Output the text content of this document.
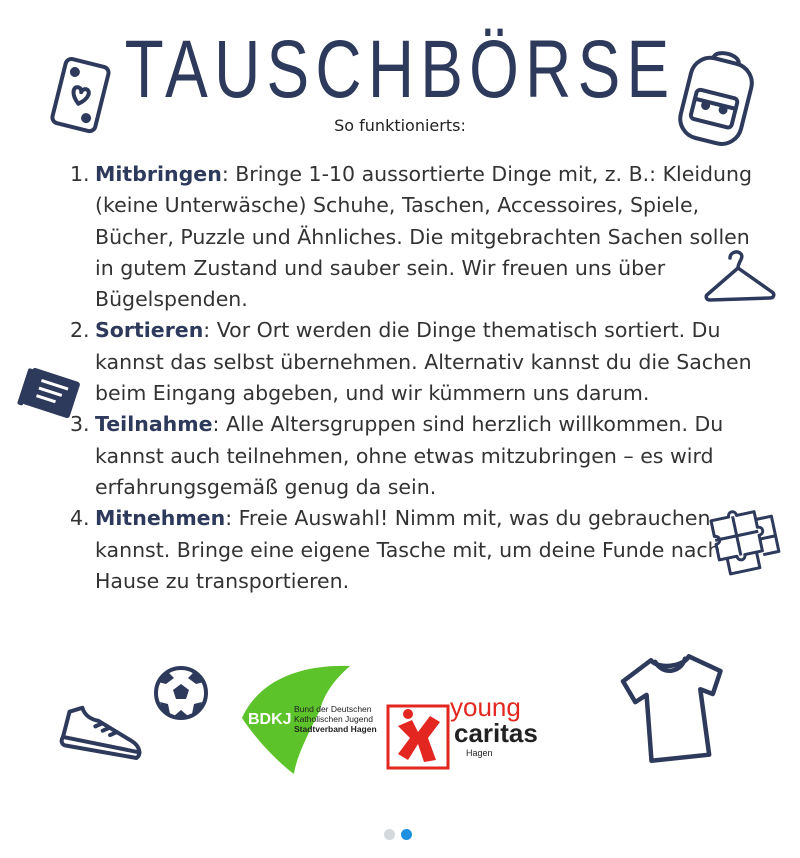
TAUSCHBÖRSE
So funktionierts:
1. Mitbringen: Bringe 1-10 aussortierte Dinge mit, z. B.: Kleidung (keine Unterwäsche) Schuhe, Taschen, Accessoires, Spiele, Bücher, Puzzle und Ähnliches. Die mitgebrachten Sachen sollen in gutem Zustand und sauber sein. Wir freuen uns über Bügelspenden.
2. Sortieren: Vor Ort werden die Dinge thematisch sortiert. Du kannst das selbst übernehmen. Alternativ kannst du die Sachen beim Eingang abgeben, und wir kümmern uns darum.
3. Teilnahme: Alle Altersgruppen sind herzlich willkommen. Du kannst auch teilnehmen, ohne etwas mitzubringen – es wird erfahrungsgemäß genug da sein.
4. Mitnehmen: Freie Auswahl! Nimm mit, was du gebrauchen kannst. Bringe eine eigene Tasche mit, um deine Funde nach Hause zu transportieren.
BDKJ
Bund der Deutschen
Katholischen Jugend
Stadtverband Hagen
young
caritas
Hagen
